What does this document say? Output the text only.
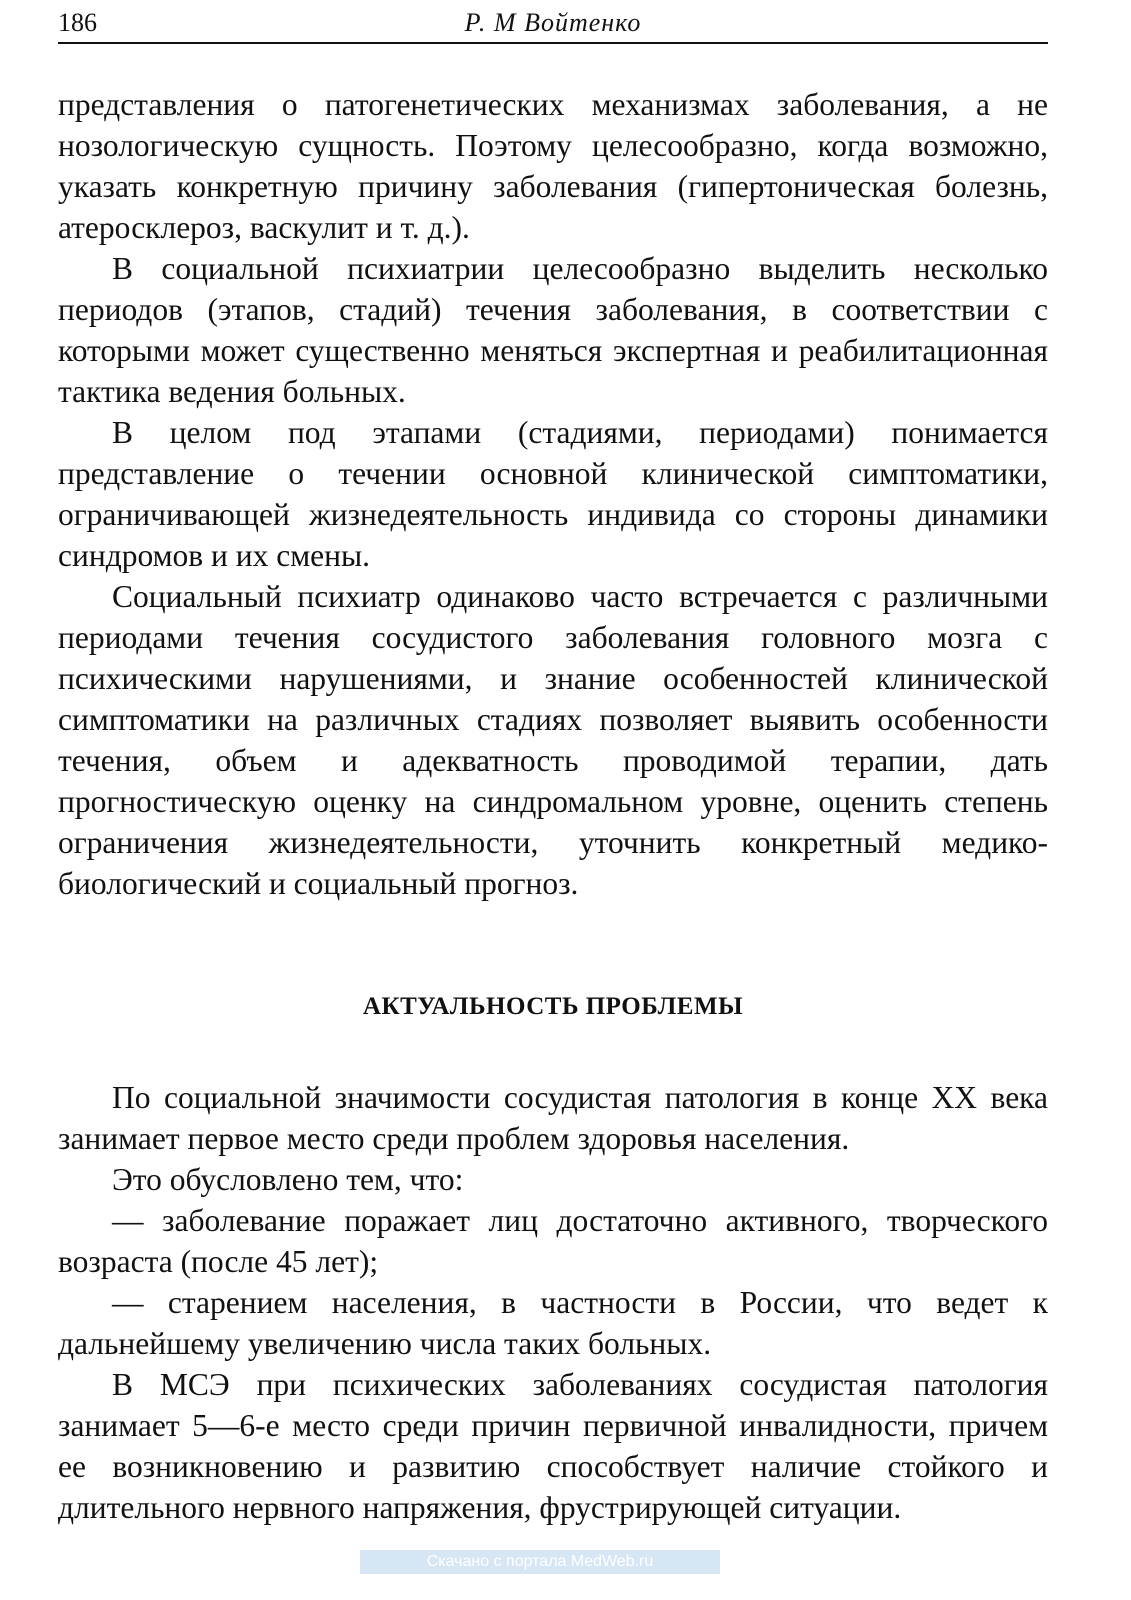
186	Р. М Войтенко

представления о патогенетических механизмах заболевания, а не нозологическую сущность. Поэтому целесообразно, когда возможно, указать конкретную причину заболевания (гипертоническая болезнь, атеросклероз, васкулит и т. д.).

В социальной психиатрии целесообразно выделить несколько периодов (этапов, стадий) течения заболевания, в соответствии с которыми может существенно меняться экспертная и реабилитационная тактика ведения больных.

В целом под этапами (стадиями, периодами) понимается представление о течении основной клинической симптоматики, ограничивающей жизнедеятельность индивида со стороны динамики синдромов и их смены.

Социальный психиатр одинаково часто встречается с различными периодами течения сосудистого заболевания головного мозга с психическими нарушениями, и знание особенностей клинической симптоматики на различных стадиях позволяет выявить особенности течения, объем и адекватность проводимой терапии, дать прогностическую оценку на синдромальном уровне, оценить степень ограничения жизнедеятельности, уточнить конкретный медико-биологический и социальный прогноз.

АКТУАЛЬНОСТЬ ПРОБЛЕМЫ

По социальной значимости сосудистая патология в конце XX века занимает первое место среди проблем здоровья населения.

Это обусловлено тем, что:

— заболевание поражает лиц достаточно активного, творческого возраста (после 45 лет);

— старением населения, в частности в России, что ведет к дальнейшему увеличению числа таких больных.

В МСЭ при психических заболеваниях сосудистая патология занимает 5—6-е место среди причин первичной инвалидности, причем ее возникновению и развитию способствует наличие стойкого и длительного нервного напряжения, фрустрирующей ситуации.

Скачано с портала MedWeb.ru
